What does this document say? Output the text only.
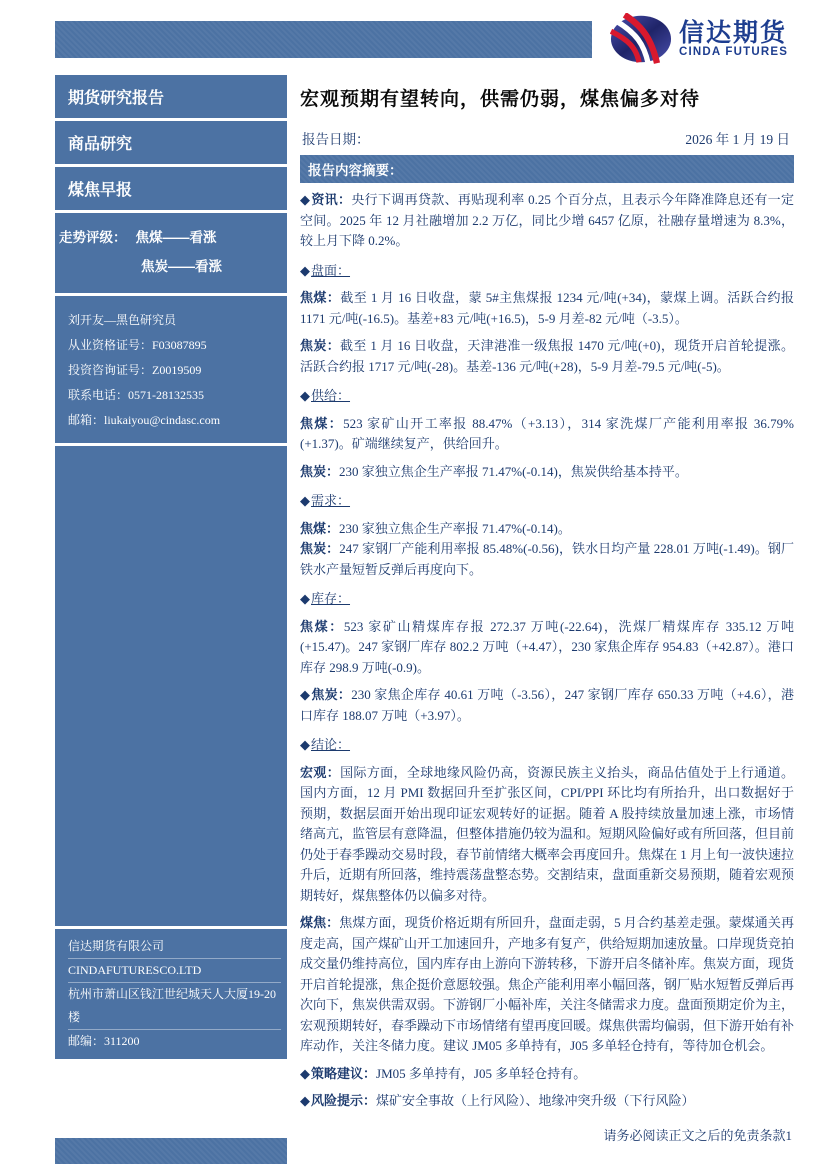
信达期货
CINDA FUTURES
期货研究报告
商品研究
煤焦早报
走势评级： 焦煤——看涨
焦炭——看涨
刘开友—黑色研究员
从业资格证号：F03087895
投资咨询证号：Z0019509
联系电话：0571-28132535
邮箱：liukaiyou@cindasc.com
信达期货有限公司
CINDAFUTURESCO.LTD
杭州市萧山区钱江世纪城天人大厦19-20楼
邮编：311200
宏观预期有望转向，供需仍弱，煤焦偏多对待
报告日期：	2026 年 1 月 19 日
报告内容摘要：

◆资讯：央行下调再贷款、再贴现利率 0.25 个百分点，且表示今年降准降息还有一定空间。2025 年 12 月社融增加 2.2 万亿，同比少增 6457 亿原，社融存量增速为 8.3%，较上月下降 0.2%。

◆盘面：

焦煤：截至 1 月 16 日收盘，蒙 5#主焦煤报 1234 元/吨(+34)，蒙煤上调。活跃合约报 1171 元/吨(-16.5)。基差+83 元/吨(+16.5)，5-9 月差-82 元/吨（-3.5）。

焦炭：截至 1 月 16 日收盘，天津港准一级焦报 1470 元/吨(+0)，现货开启首轮提涨。活跃合约报 1717 元/吨(-28)。基差-136 元/吨(+28)，5-9 月差-79.5 元/吨(-5)。

◆供给：

焦煤：523 家矿山开工率报 88.47%（+3.13），314 家洗煤厂产能利用率报 36.79%(+1.37)。矿端继续复产，供给回升。

焦炭：230 家独立焦企生产率报 71.47%(-0.14)，焦炭供给基本持平。

◆需求：

焦煤：230 家独立焦企生产率报 71.47%(-0.14)。

焦炭：247 家钢厂产能利用率报 85.48%(-0.56)，铁水日均产量 228.01 万吨(-1.49)。钢厂铁水产量短暂反弹后再度向下。

◆库存：

焦煤：523 家矿山精煤库存报 272.37 万吨(-22.64)，洗煤厂精煤库存 335.12 万吨(+15.47)。247 家钢厂库存 802.2 万吨（+4.47），230 家焦企库存 954.83（+42.87）。港口库存 298.9 万吨(-0.9)。

◆焦炭：230 家焦企库存 40.61 万吨（-3.56），247 家钢厂库存 650.33 万吨（+4.6），港口库存 188.07 万吨（+3.97）。

◆结论：

宏观：国际方面，全球地缘风险仍高，资源民族主义抬头，商品估值处于上行通道。国内方面，12 月 PMI 数据回升至扩张区间，CPI/PPI 环比均有所抬升，出口数据好于预期，数据层面开始出现印证宏观转好的证据。随着 A 股持续放量加速上涨，市场情绪高亢，监管层有意降温，但整体措施仍较为温和。短期风险偏好或有所回落，但目前仍处于春季躁动交易时段，春节前情绪大概率会再度回升。焦煤在 1 月上旬一波快速拉升后，近期有所回落，维持震荡盘整态势。交割结束，盘面重新交易预期，随着宏观预期转好，煤焦整体仍以偏多对待。

煤焦：焦煤方面，现货价格近期有所回升，盘面走弱，5 月合约基差走强。蒙煤通关再度走高，国产煤矿山开工加速回升，产地多有复产，供给短期加速放量。口岸现货竞拍成交量仍维持高位，国内库存由上游向下游转移，下游开启冬储补库。焦炭方面，现货开启首轮提涨，焦企挺价意愿较强。焦企产能利用率小幅回落，钢厂贴水短暂反弹后再次向下，焦炭供需双弱。下游钢厂小幅补库，关注冬储需求力度。盘面预期定价为主，宏观预期转好，春季躁动下市场情绪有望再度回暖。煤焦供需均偏弱，但下游开始有补库动作，关注冬储力度。建议 JM05 多单持有，J05 多单轻仓持有，等待加仓机会。

◆策略建议：JM05 多单持有，J05 多单轻仓持有。

◆风险提示：煤矿安全事故（上行风险）、地缘冲突升级（下行风险）

请务必阅读正文之后的免责条款1
